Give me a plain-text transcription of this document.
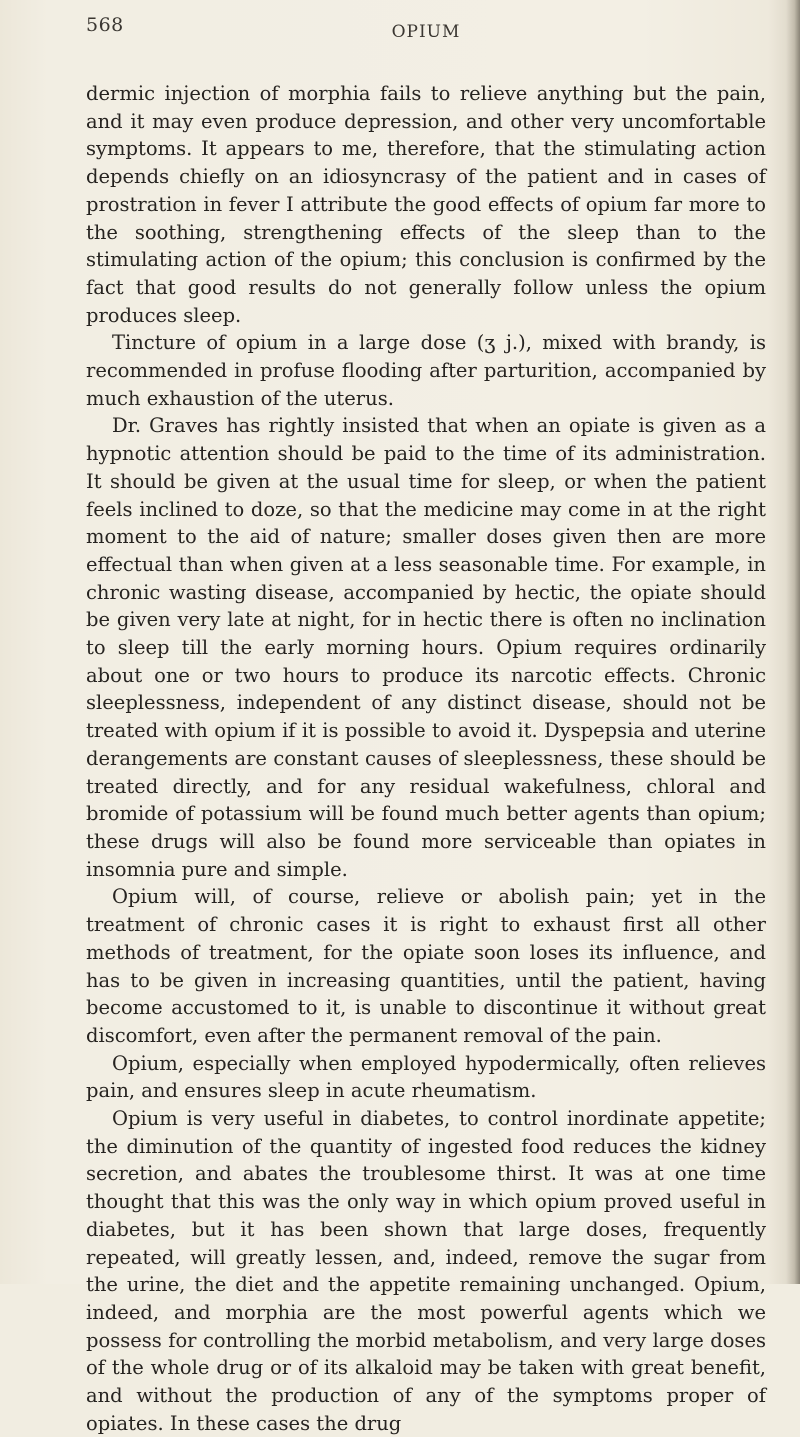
568	OPIUM

dermic injection of morphia fails to relieve anything but the pain, and it may even produce depression, and other very uncomfortable symptoms. It appears to me, therefore, that the stimulating action depends chiefly on an idiosyncrasy of the patient and in cases of prostration in fever I attribute the good effects of opium far more to the soothing, strengthening effects of the sleep than to the stimulating action of the opium; this conclusion is confirmed by the fact that good results do not generally follow unless the opium produces sleep.

Tincture of opium in a large dose (ʒ j.), mixed with brandy, is recommended in profuse flooding after parturition, accompanied by much exhaustion of the uterus.

Dr. Graves has rightly insisted that when an opiate is given as a hypnotic attention should be paid to the time of its administration. It should be given at the usual time for sleep, or when the patient feels inclined to doze, so that the medicine may come in at the right moment to the aid of nature; smaller doses given then are more effectual than when given at a less seasonable time. For example, in chronic wasting disease, accompanied by hectic, the opiate should be given very late at night, for in hectic there is often no inclination to sleep till the early morning hours. Opium requires ordinarily about one or two hours to produce its narcotic effects. Chronic sleeplessness, independent of any distinct disease, should not be treated with opium if it is possible to avoid it. Dyspepsia and uterine derangements are constant causes of sleeplessness, these should be treated directly, and for any residual wakefulness, chloral and bromide of potassium will be found much better agents than opium; these drugs will also be found more serviceable than opiates in insomnia pure and simple.

Opium will, of course, relieve or abolish pain; yet in the treatment of chronic cases it is right to exhaust first all other methods of treatment, for the opiate soon loses its influence, and has to be given in increasing quantities, until the patient, having become accustomed to it, is unable to discontinue it without great discomfort, even after the permanent removal of the pain.

Opium, especially when employed hypodermically, often relieves pain, and ensures sleep in acute rheumatism.

Opium is very useful in diabetes, to control inordinate appetite; the diminution of the quantity of ingested food reduces the kidney secretion, and abates the troublesome thirst. It was at one time thought that this was the only way in which opium proved useful in diabetes, but it has been shown that large doses, frequently repeated, will greatly lessen, and, indeed, remove the sugar from the urine, the diet and the appetite remaining unchanged. Opium, indeed, and morphia are the most powerful agents which we possess for controlling the morbid metabolism, and very large doses of the whole drug or of its alkaloid may be taken with great benefit, and without the production of any of the symptoms proper of opiates. In these cases the drug
